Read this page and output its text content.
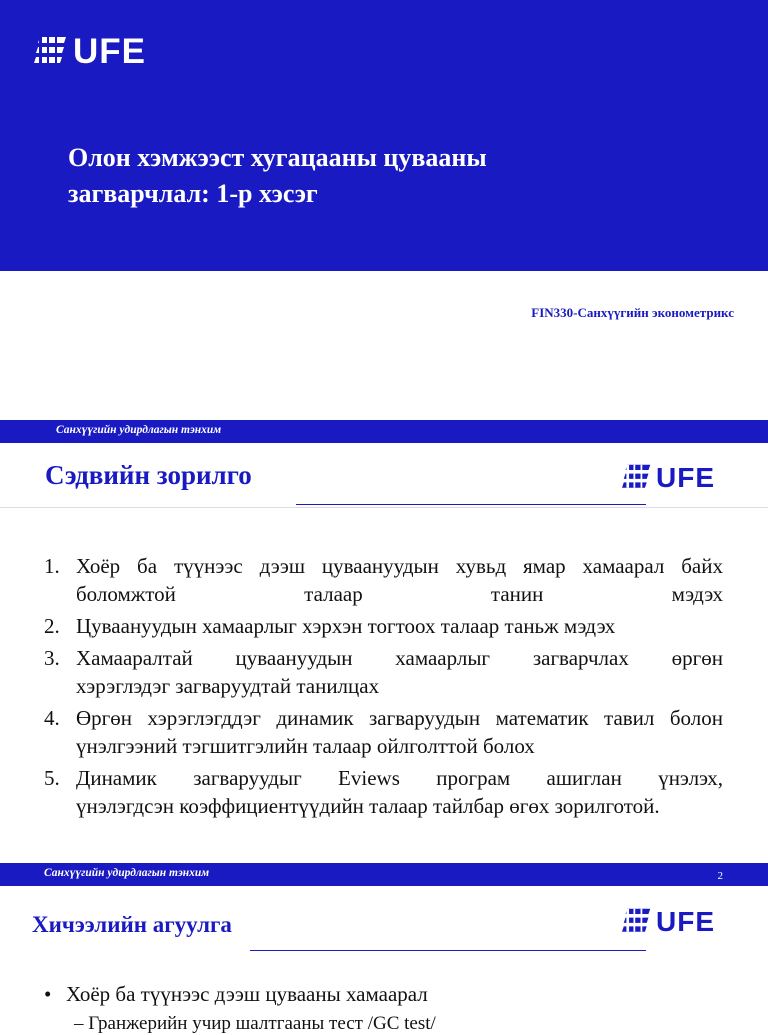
UFE
Олон хэмжээст хугацааны цувааны
загварчлал: 1-р хэсэг
FIN330-Санхүүгийн эконометрикс
Санхүүгийн удирдлагын тэнхим
Сэдвийн зорилго	UFE
1. Хоёр ба түүнээс дээш цуваануудын хувьд ямар хамаарал байх
боломжтой талаар танин мэдэх
2. Цуваануудын хамаарлыг хэрхэн тогтоох талаар таньж мэдэх
3. Хамааралтай цуваануудын хамаарлыг загварчлах өргөн
хэрэглэдэг загваруудтай танилцах
4. Өргөн хэрэглэгддэг динамик загваруудын математик тавил болон
үнэлгээний тэгшитгэлийн талаар ойлголттой болох
5. Динамик загваруудыг Eviews програм ашиглан үнэлэх,
үнэлэгдсэн коэффициентүүдийн талаар тайлбар өгөх зорилготой.
Санхүүгийн удирдлагын тэнхим	2
Хичээлийн агуулга	UFE
• Хоёр ба түүнээс дээш цувааны хамаарал
– Гранжерийн учир шалтгааны тест /GC test/
